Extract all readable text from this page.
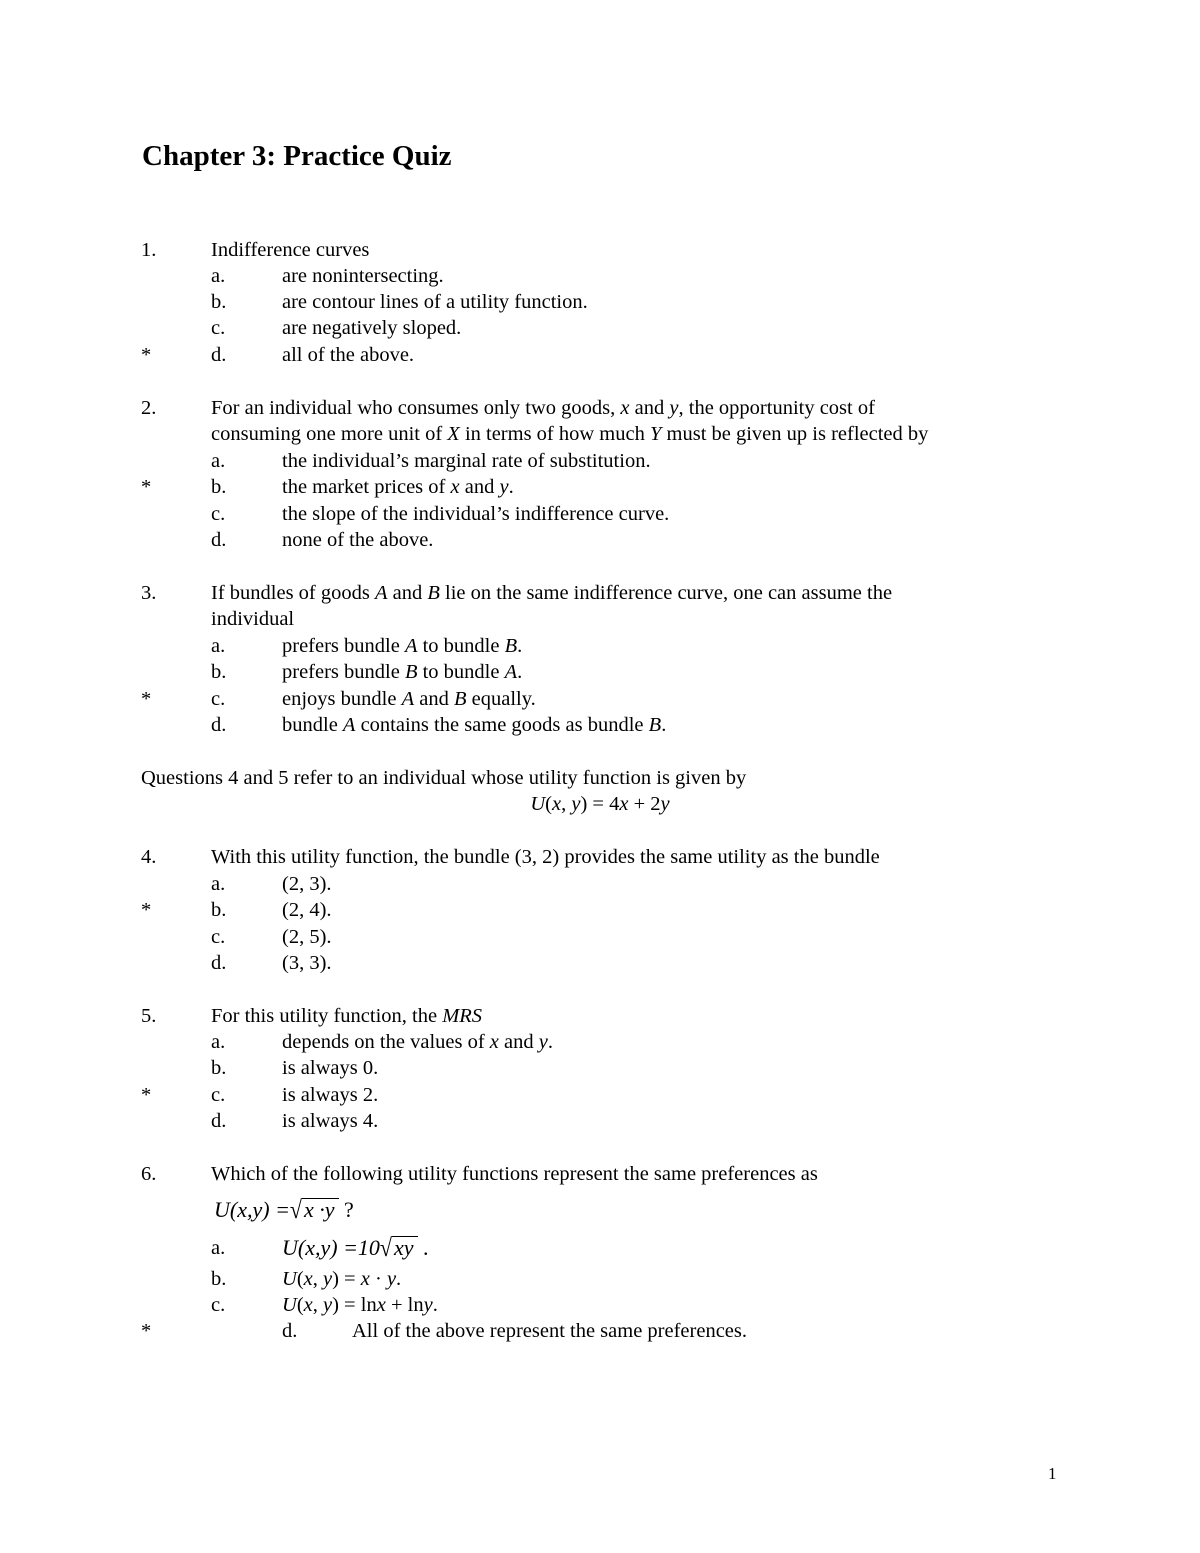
Chapter 3: Practice Quiz
1.	Indifference curves
a.	are nonintersecting.
b.	are contour lines of a utility function.
c.	are negatively sloped.
*	d.	all of the above.
2.	For an individual who consumes only two goods, x and y, the opportunity cost of
consuming one more unit of X in terms of how much Y must be given up is reflected by
a.	the individual’s marginal rate of substitution.
*	b.	the market prices of x and y.
c.	the slope of the individual’s indifference curve.
d.	none of the above.
3.	If bundles of goods A and B lie on the same indifference curve, one can assume the
individual
a.	prefers bundle A to bundle B.
b.	prefers bundle B to bundle A.
*	c.	enjoys bundle A and B equally.
d.	bundle A contains the same goods as bundle B.
Questions 4 and 5 refer to an individual whose utility function is given by
U(x, y) = 4x + 2y
4.	With this utility function, the bundle (3, 2) provides the same utility as the bundle
a.	(2, 3).
*	b.	(2, 4).
c.	(2, 5).
d.	(3, 3).
5.	For this utility function, the MRS
a.	depends on the values of x and y.
b.	is always 0.
*	c.	is always 2.
d.	is always 4.
6.	Which of the following utility functions represent the same preferences as
U(x,y) =√x ·y ?
a.	U(x,y) =10√xy .
b.	U(x, y) = x · y.
c.	U(x, y) = lnx + lny.
*	d.	All of the above represent the same preferences.
1
